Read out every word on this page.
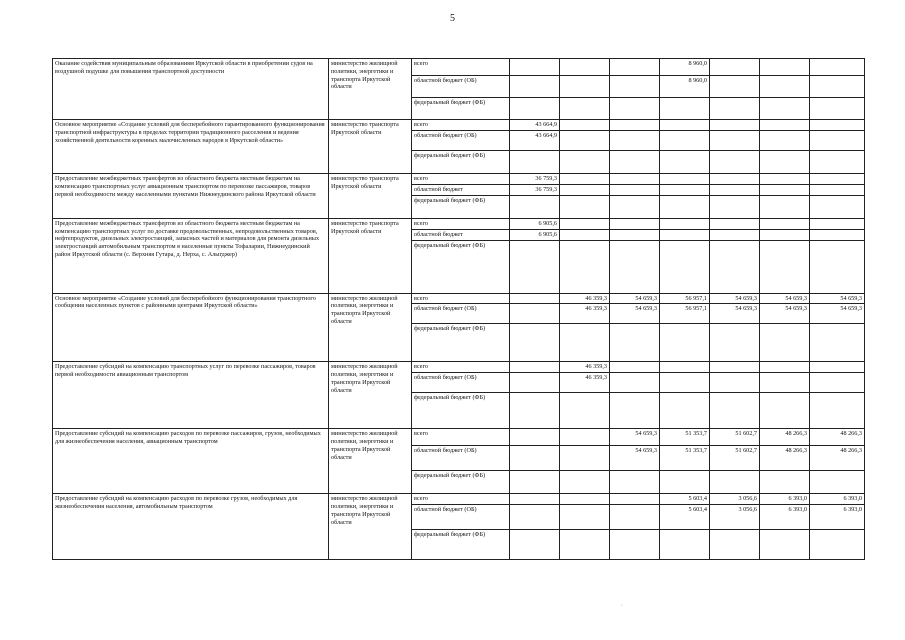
5
Оказание содействия муниципальным образованиям Иркутской области в приобретении судов на воздушной подушке для повышения транспортной доступности	министерство жилищной политики, энергетики и транспорта Иркутской области	всего				8 960,0			
		областной бюджет (ОБ)				8 960,0			
		федеральный бюджет (ФБ)							
Основное мероприятие «Создание условий для бесперебойного гарантированного функционирования транспортной инфраструктуры в пределах территории традиционного расселения и ведения хозяйственной деятельности коренных малочисленных народов в Иркутской области»	министерство транспорта Иркутской области	всего	43 664,9						
		областной бюджет (ОБ)	43 664,9						
		федеральный бюджет (ФБ)							
Предоставление межбюджетных трансфертов из областного бюджета местным бюджетам на компенсацию транспортных услуг авиационным транспортом по перевозке пассажиров, товаров первой необходимости между населенными пунктами Нижнеудинского района Иркутской области	министерство транспорта Иркутской области	всего	36 759,3						
		областной бюджет	36 759,3						
		федеральный бюджет (ФБ)							
Предоставление межбюджетных трансфертов из областного бюджета местным бюджетам на компенсацию транспортных услуг по доставке продовольственных, непродовольственных товаров, нефтепродуктов, дизельных электростанций, запасных частей и материалов для ремонта дизельных электростанций автомобильным транспортом в населенные пункты Тофаларии, Нижнеудинский район Иркутской области (с. Верхняя Гутара, д. Нерха, с. Алыгджер)	министерство транспорта Иркутской области	всего	6 905,6						
		областной бюджет	6 905,6						
		федеральный бюджет (ФБ)							
Основное мероприятие «Создание условий для бесперебойного функционирования транспортного сообщения населенных пунктов с районными центрами Иркутской области»	министерство жилищной политики, энергетики и транспорта Иркутской области	всего		46 359,3	54 659,3	56 957,1	54 659,3	54 659,3	54 659,3
		областной бюджет (ОБ)		46 359,3	54 659,3	56 957,1	54 659,3	54 659,3	54 659,3
		федеральный бюджет (ФБ)							
Предоставление субсидий на компенсацию транспортных услуг по перевозке пассажиров, товаров первой необходимости авиационным транспортом	министерство жилищной политики, энергетики и транспорта Иркутской области	всего		46 359,3					
		областной бюджет (ОБ)		46 359,3					
		федеральный бюджет (ФБ)							
Предоставление субсидий на компенсацию расходов по перевозке пассажиров, грузов, необходимых для жизнеобеспечения населения, авиационным транспортом	министерство жилищной политики, энергетики и транспорта Иркутской области	всего			54 659,3	51 353,7	51 602,7	48 266,3	48 266,3
		областной бюджет (ОБ)			54 659,3	51 353,7	51 602,7	48 266,3	48 266,3
		федеральный бюджет (ФБ)							
Предоставление субсидий на компенсацию расходов по перевозке грузов, необходимых для жизнеобеспечения населения, автомобильным транспортом	министерство жилищной политики, энергетики и транспорта Иркутской области	всего				5 603,4	3 056,6	6 393,0	6 393,0
		областной бюджет (ОБ)				5 603,4	3 056,6	6 393,0	6 393,0
		федеральный бюджет (ФБ)							
·
·
